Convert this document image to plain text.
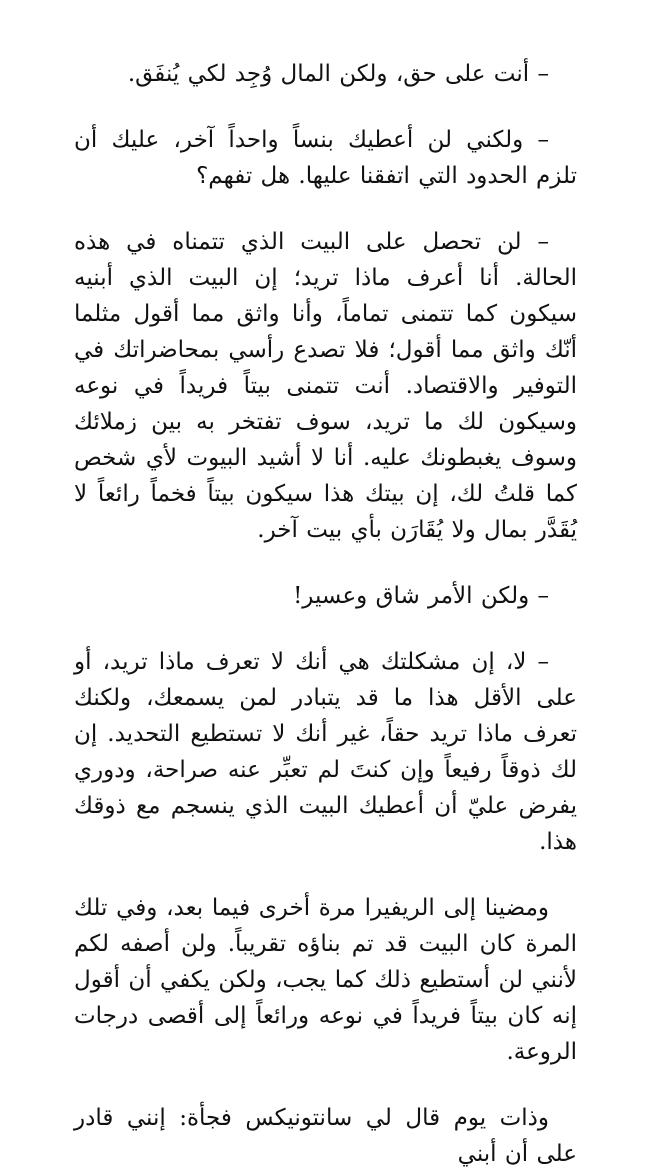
– أنت على حق، ولكن المال وُجِد لكي يُنفَق.

– ولكني لن أعطيك بنساً واحداً آخر، عليك أن تلزم الحدود التي اتفقنا عليها. هل تفهم؟

– لن تحصل على البيت الذي تتمناه في هذه الحالة. أنا أعرف ماذا تريد؛ إن البيت الذي أبنيه سيكون كما تتمنى تماماً، وأنا واثق مما أقول مثلما أنّك واثق مما أقول؛ فلا تصدع رأسي بمحاضراتك في التوفير والاقتصاد. أنت تتمنى بيتاً فريداً في نوعه وسيكون لك ما تريد، سوف تفتخر به بين زملائك وسوف يغبطونك عليه. أنا لا أشيد البيوت لأي شخص كما قلتُ لك، إن بيتك هذا سيكون بيتاً فخماً رائعاً لا يُقَدَّر بمال ولا يُقَارَن بأي بيت آخر.

– ولكن الأمر شاق وعسير!

– لا، إن مشكلتك هي أنك لا تعرف ماذا تريد، أو على الأقل هذا ما قد يتبادر لمن يسمعك، ولكنك تعرف ماذا تريد حقاً، غير أنك لا تستطيع التحديد. إن لك ذوقاً رفيعاً وإن كنتَ لم تعبِّر عنه صراحة، ودوري يفرض عليّ أن أعطيك البيت الذي ينسجم مع ذوقك هذا.

ومضينا إلى الريفيرا مرة أخرى فيما بعد، وفي تلك المرة كان البيت قد تم بناؤه تقريباً. ولن أصفه لكم لأنني لن أستطيع ذلك كما يجب، ولكن يكفي أن أقول إنه كان بيتاً فريداً في نوعه ورائعاً إلى أقصى درجات الروعة.

وذات يوم قال لي سانتونيكس فجأة: إنني قادر على أن أبني
